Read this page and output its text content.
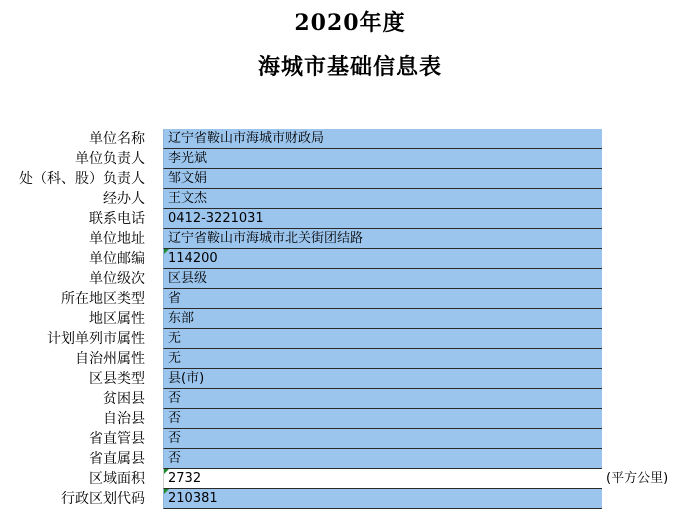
2020年度
海城市基础信息表
单位名称 辽宁省鞍山市海城市财政局
单位负责人 李光斌
处（科、股）负责人 邹文娟
经办人 王文杰
联系电话 0412-3221031
单位地址 辽宁省鞍山市海城市北关街团结路
单位邮编 114200
单位级次 区县级
所在地区类型 省
地区属性 东部
计划单列市属性 无
自治州属性 无
区县类型 县(市)
贫困县 否
自治县 否
省直管县 否
省直属县 否
区域面积 2732	(平方公里)
行政区划代码 210381
